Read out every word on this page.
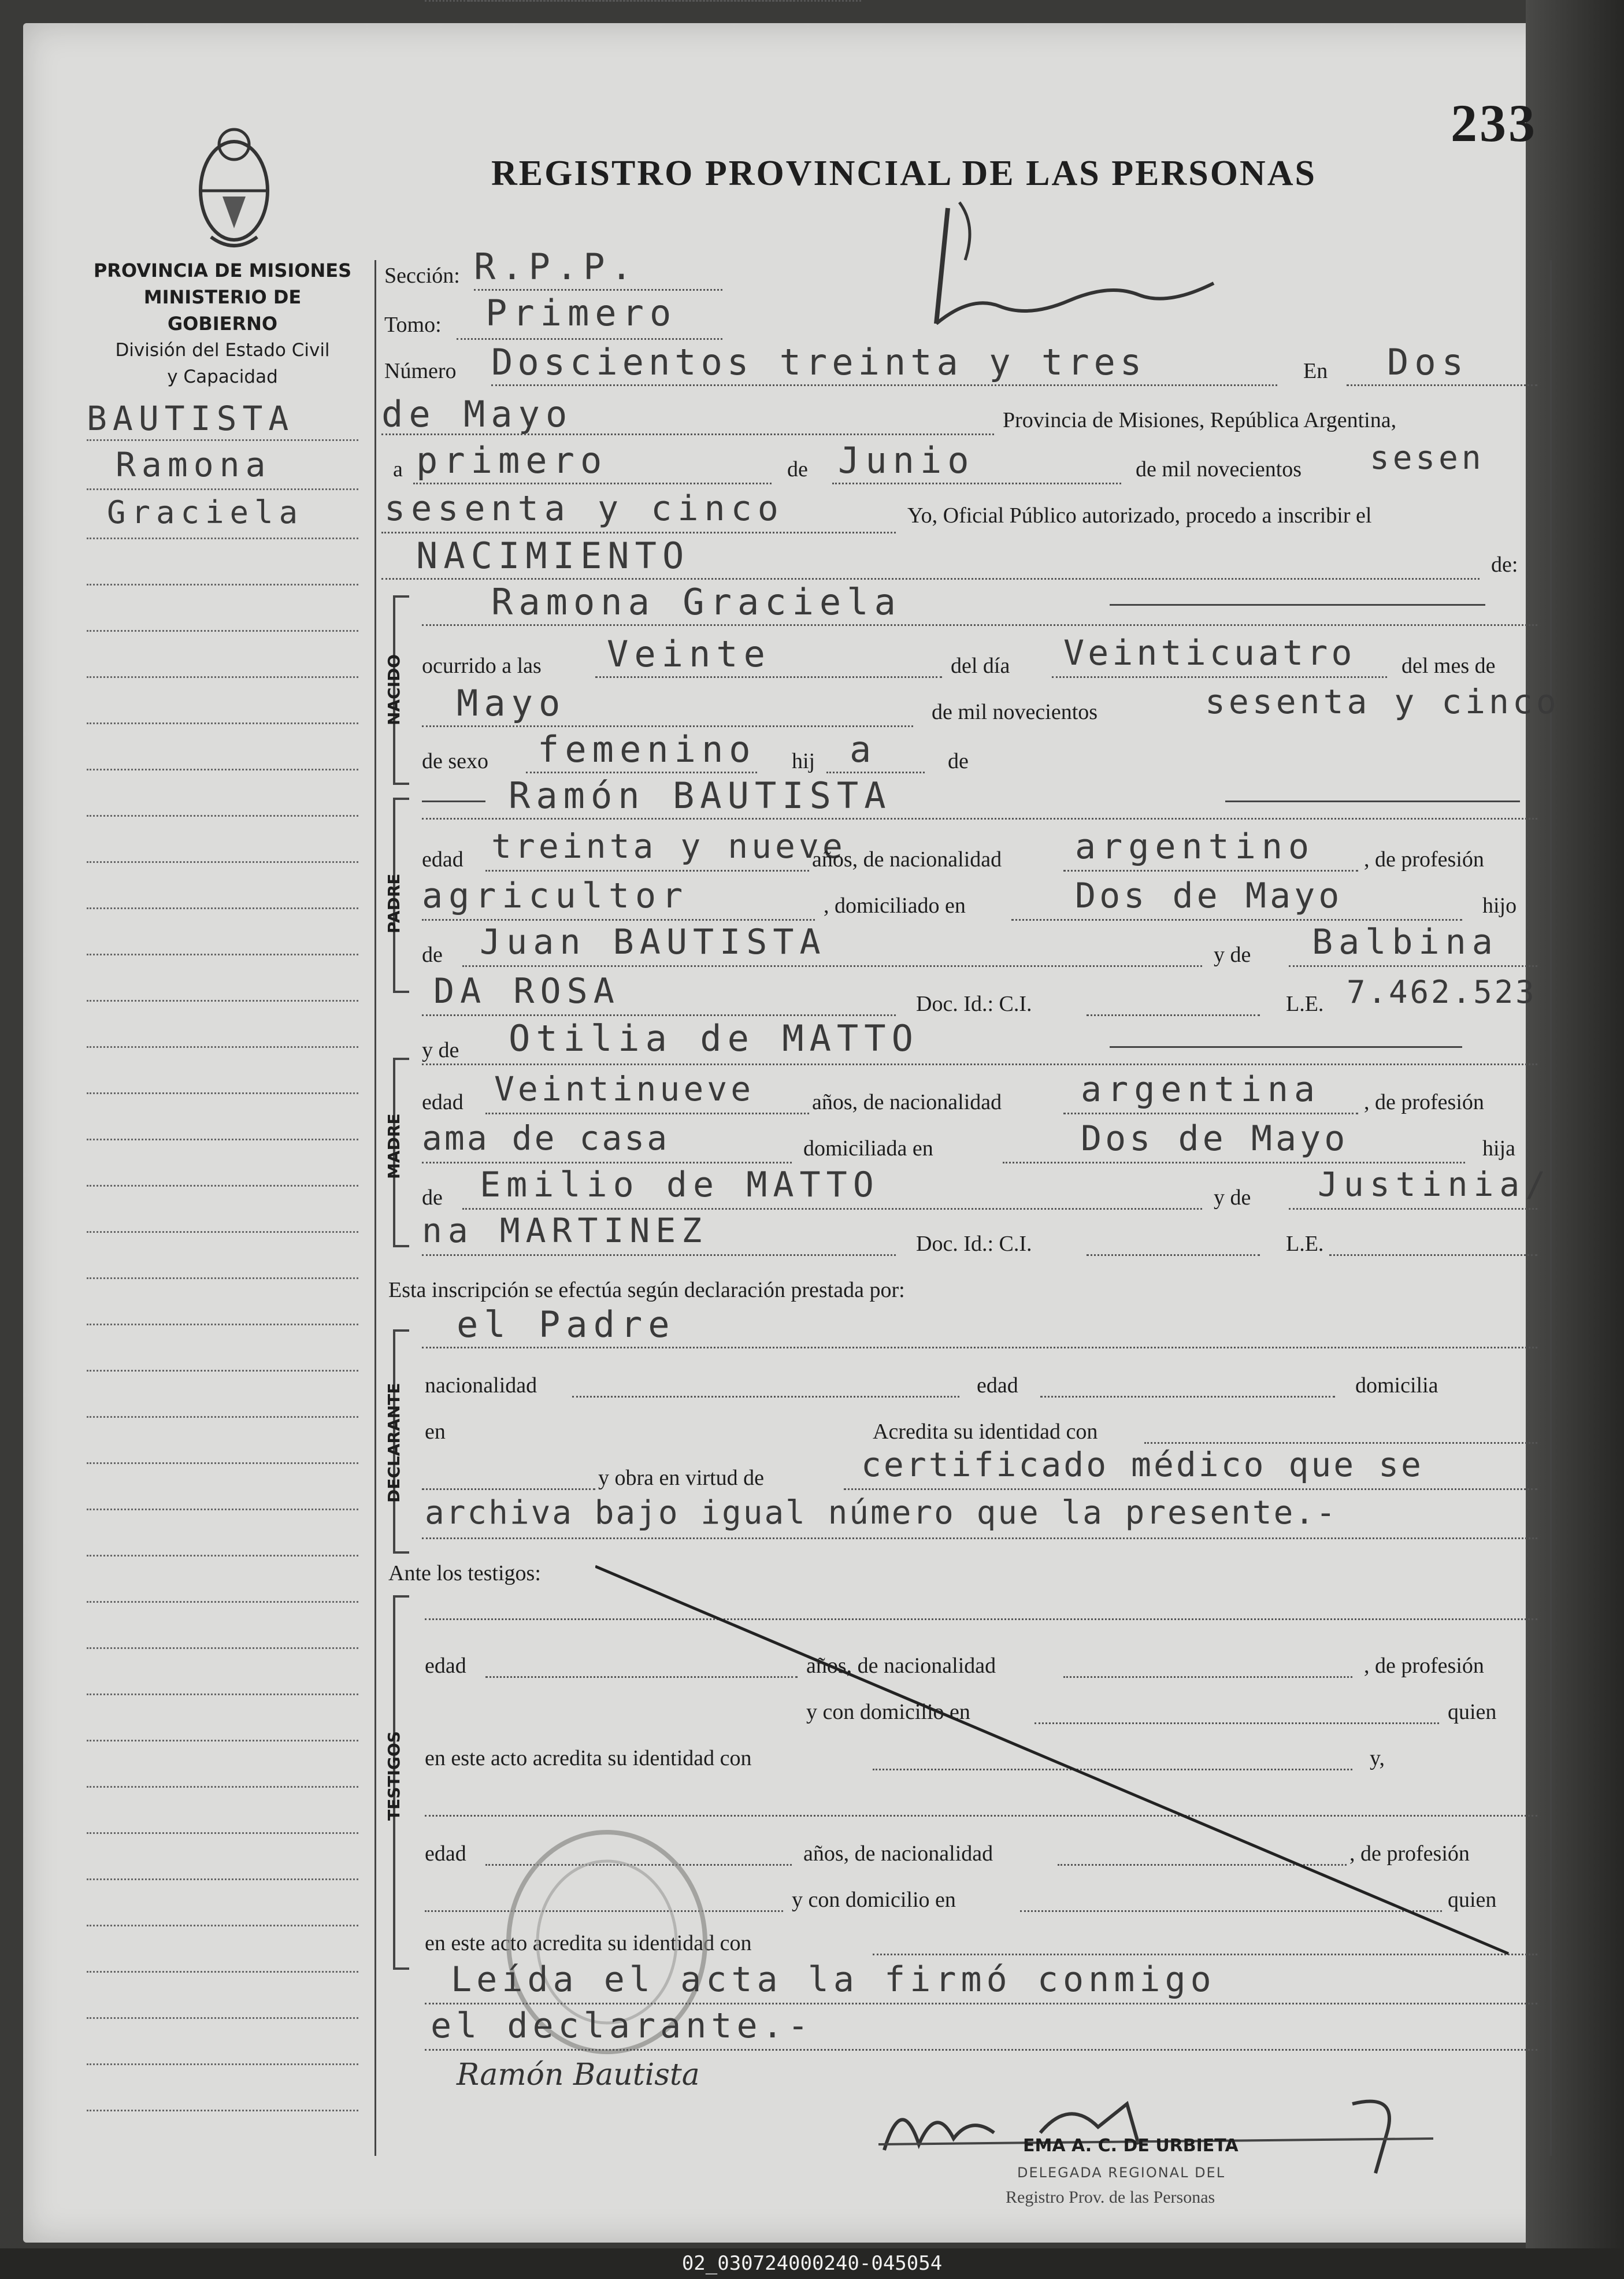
233
REGISTRO PROVINCIAL DE LAS PERSONAS
PROVINCIA DE MISIONES
MINISTERIO DE GOBIERNO
División del Estado Civil
y Capacidad
BAUTISTA
Ramona
Graciela
Sección: R.P.P.
Tomo: Primero
Número Doscientos treinta y tres	En Dos
de Mayo	Provincia de Misiones, República Argentina,
a primero	de Junio	de mil novecientos sesen
sesenta y cinco	Yo, Oficial Público autorizado, procedo a inscribir el
NACIMIENTO	de:
NACIDO
Ramona Graciela
ocurrido a las Veinte	del día Veinticuatro del mes de
Mayo	de mil novecientos	sesenta y cinco
de sexo femenino hij a	de
PADRE
Ramón BAUTISTA
edad treinta y nueve
años, de nacionalidad argentino , de profesión
agricultor	, domiciliado en	Dos de Mayo	hijo
de Juan BAUTISTA	y de Balbina
DA ROSA	Doc. Id.: C.I.	L.E. 7.462.523
y de Otilia de MATTO
MADRE
edad Veintinueve	años, de nacionalidad argentina , de profesión
ama de casa	domiciliada en	Dos de Mayo	hija
de Emilio de MATTO	y de Justinia/
na MARTINEZ	Doc. Id.: C.I.	L.E.
Esta inscripción se efectúa según declaración prestada por:
el Padre
DECLARANTE nacionalidad	edad	domicilia
en	Acredita su identidad con
y obra en virtud de	certificado médico que se
archiva bajo igual número que la presente.-
Ante los testigos:
TESTIGOS
edad	años, de nacionalidad	, de profesión
y con domicilio en	quien
en este acto acredita su identidad con	y,
edad	años, de nacionalidad	, de profesión
y con domicilio en	quien
en este acto acredita su identidad con
Leída el acta la firmó conmigo
el declarante.-
Ramón Bautista
EMA A. C. DE URBIETA
DELEGADA REGIONAL DEL
Registro Prov. de las Personas
02_030724000240-045054
